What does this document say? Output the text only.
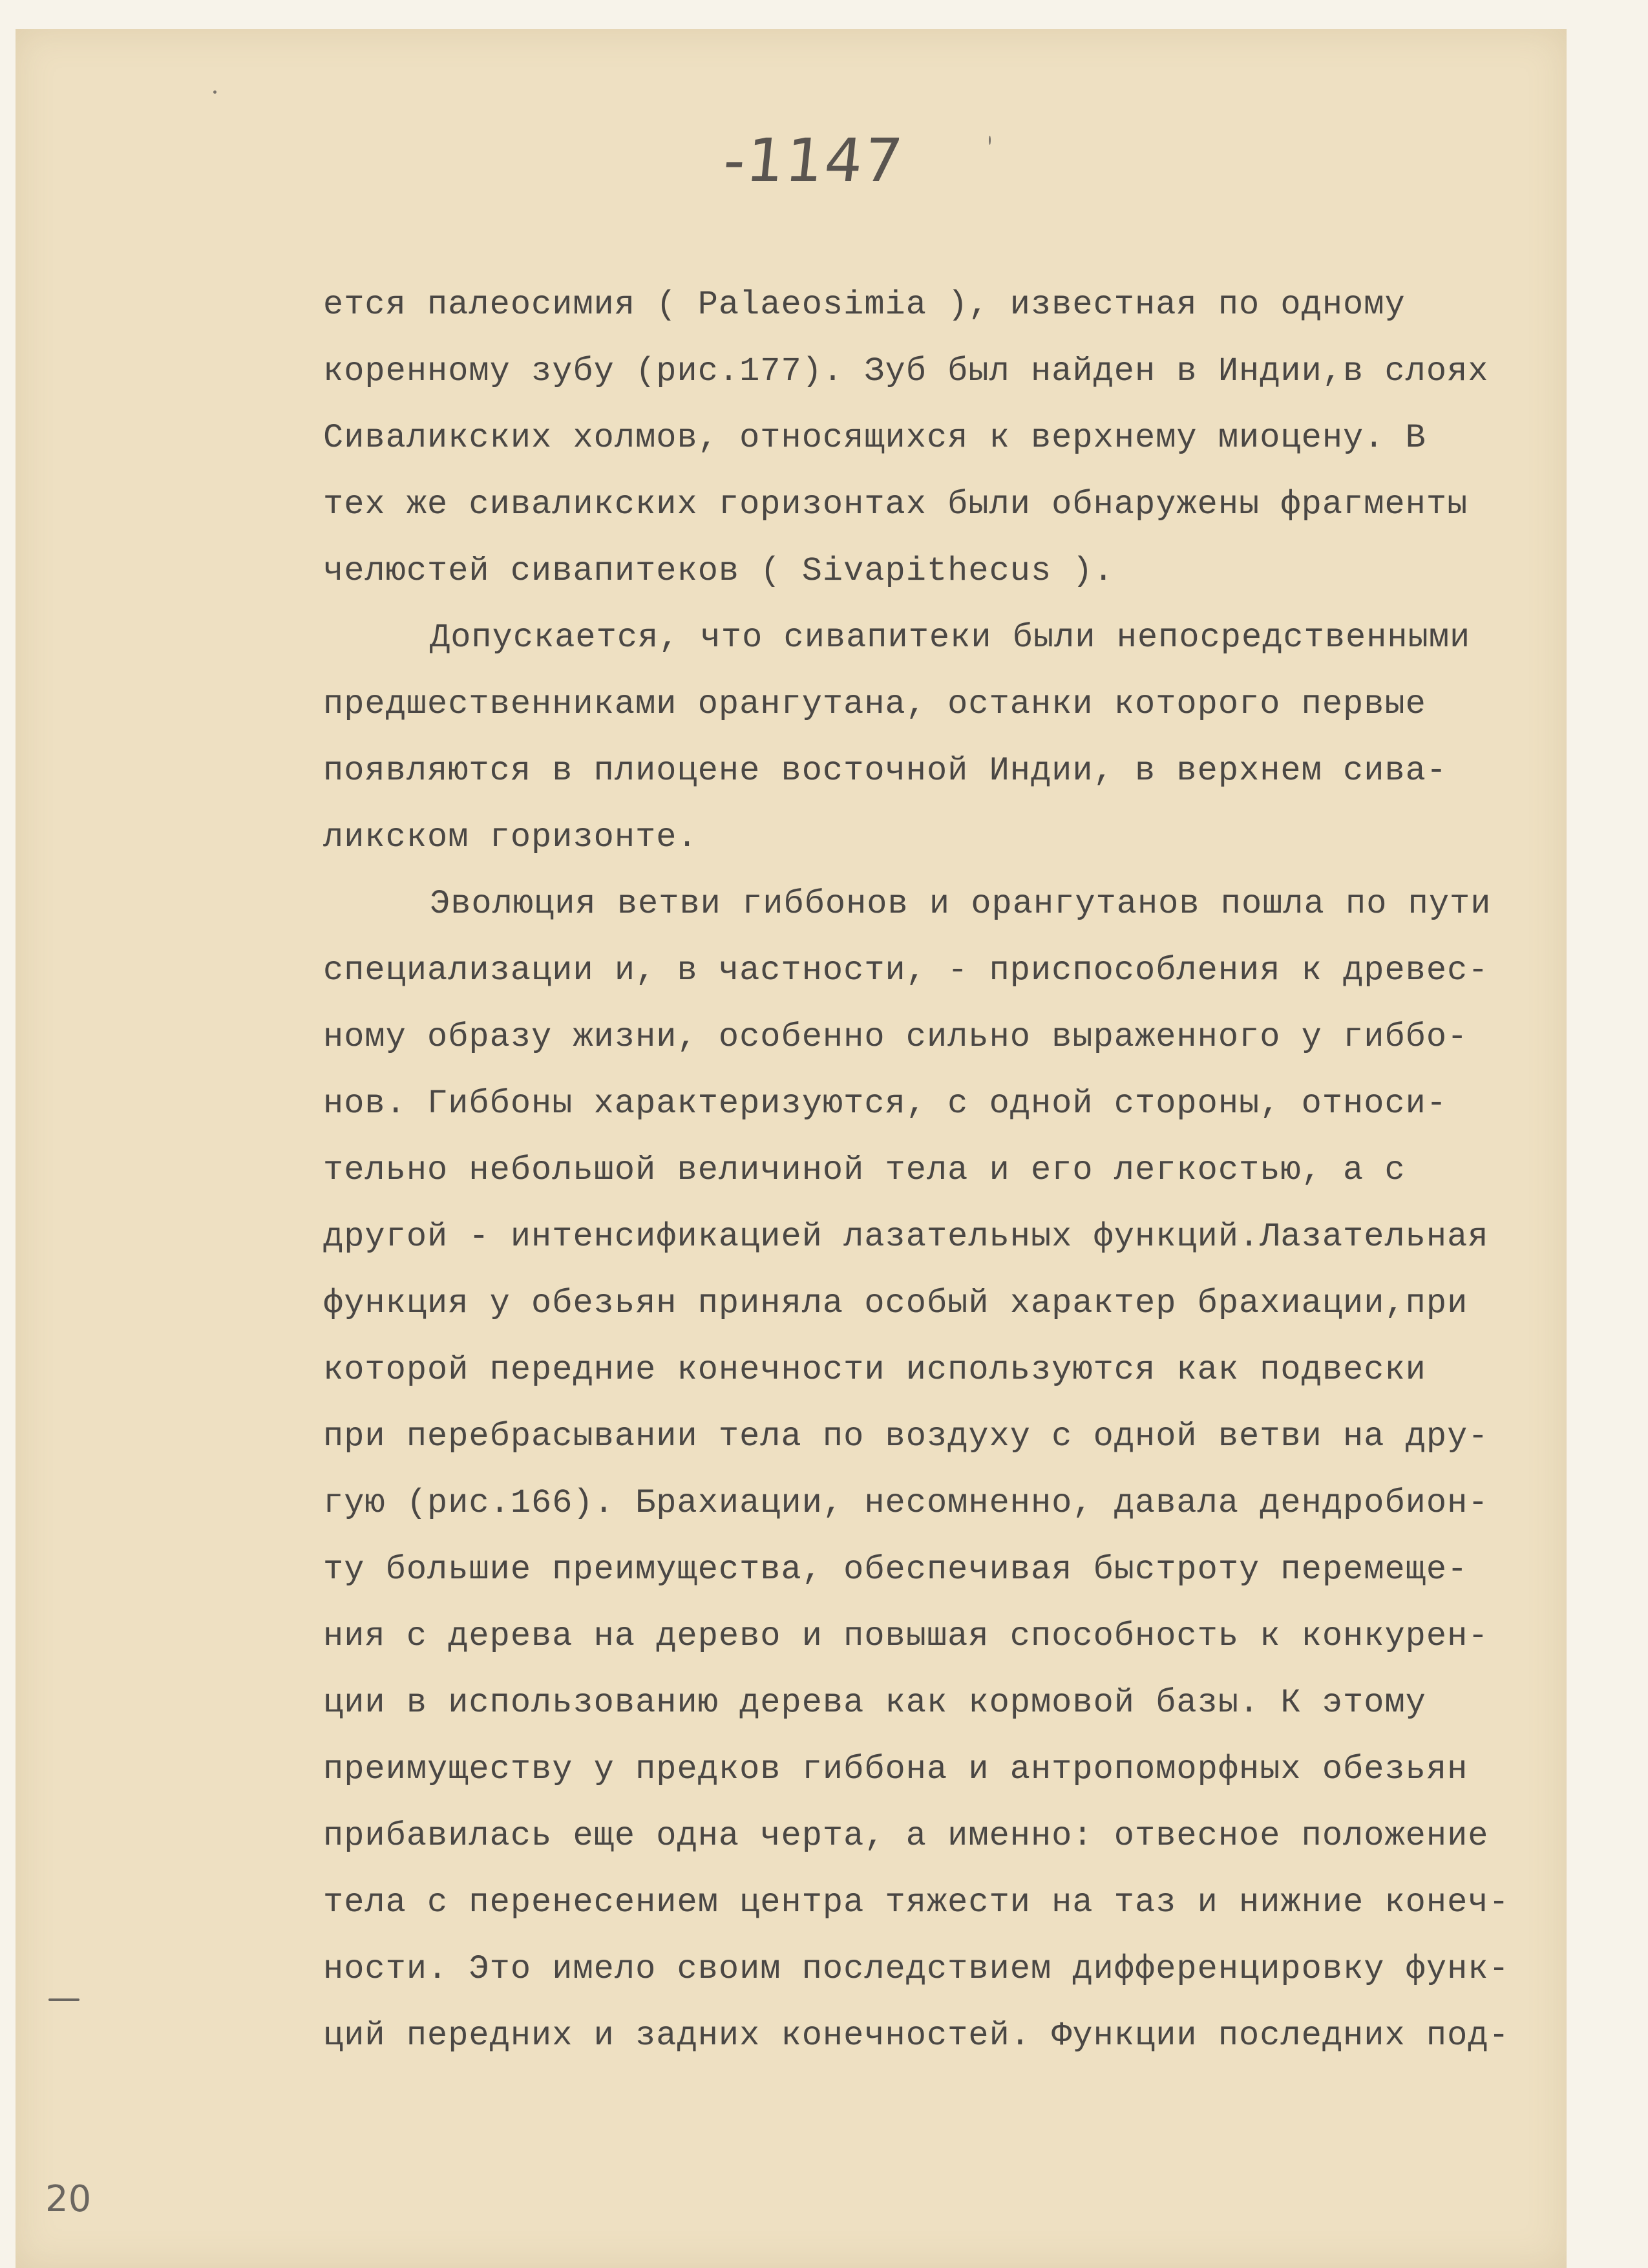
-1147
ется палеосимия ( Palaeosimia ), известная по одному
коренному зубу (рис.177). Зуб был найден в Индии,в слоях
Сиваликских холмов, относящихся к верхнему миоцену. В
тех же сиваликских горизонтах были обнаружены фрагменты
челюстей сивапитеков ( Sivapithecus ).
Допускается, что сивапитеки были непосредственными
предшественниками орангутана, останки которого первые
появляются в плиоцене восточной Индии, в верхнем сива-
ликском горизонте.
Эволюция ветви гиббонов и орангутанов пошла по пути
специализации и, в частности, - приспособления к древес-
ному образу жизни, особенно сильно выраженного у гиббо-
нов. Гиббоны характеризуются, с одной стороны, относи-
тельно небольшой величиной тела и его легкостью, а с
другой - интенсификацией лазательных функций.Лазательная
функция у обезьян приняла особый характер брахиации,при
которой передние конечности используются как подвески
при перебрасывании тела по воздуху с одной ветви на дру-
гую (рис.166). Брахиации, несомненно, давала дендробион-
ту большие преимущества, обеспечивая быстроту перемеще-
ния с дерева на дерево и повышая способность к конкурен-
ции в использованию дерева как кормовой базы. К этому
преимуществу у предков гиббона и антропоморфных обезьян
прибавилась еще одна черта, а именно: отвесное положение
тела с перенесением центра тяжести на таз и нижние конеч-
ности. Это имело своим последствием дифференцировку функ-
ций передних и задних конечностей. Функции последних под-
20
